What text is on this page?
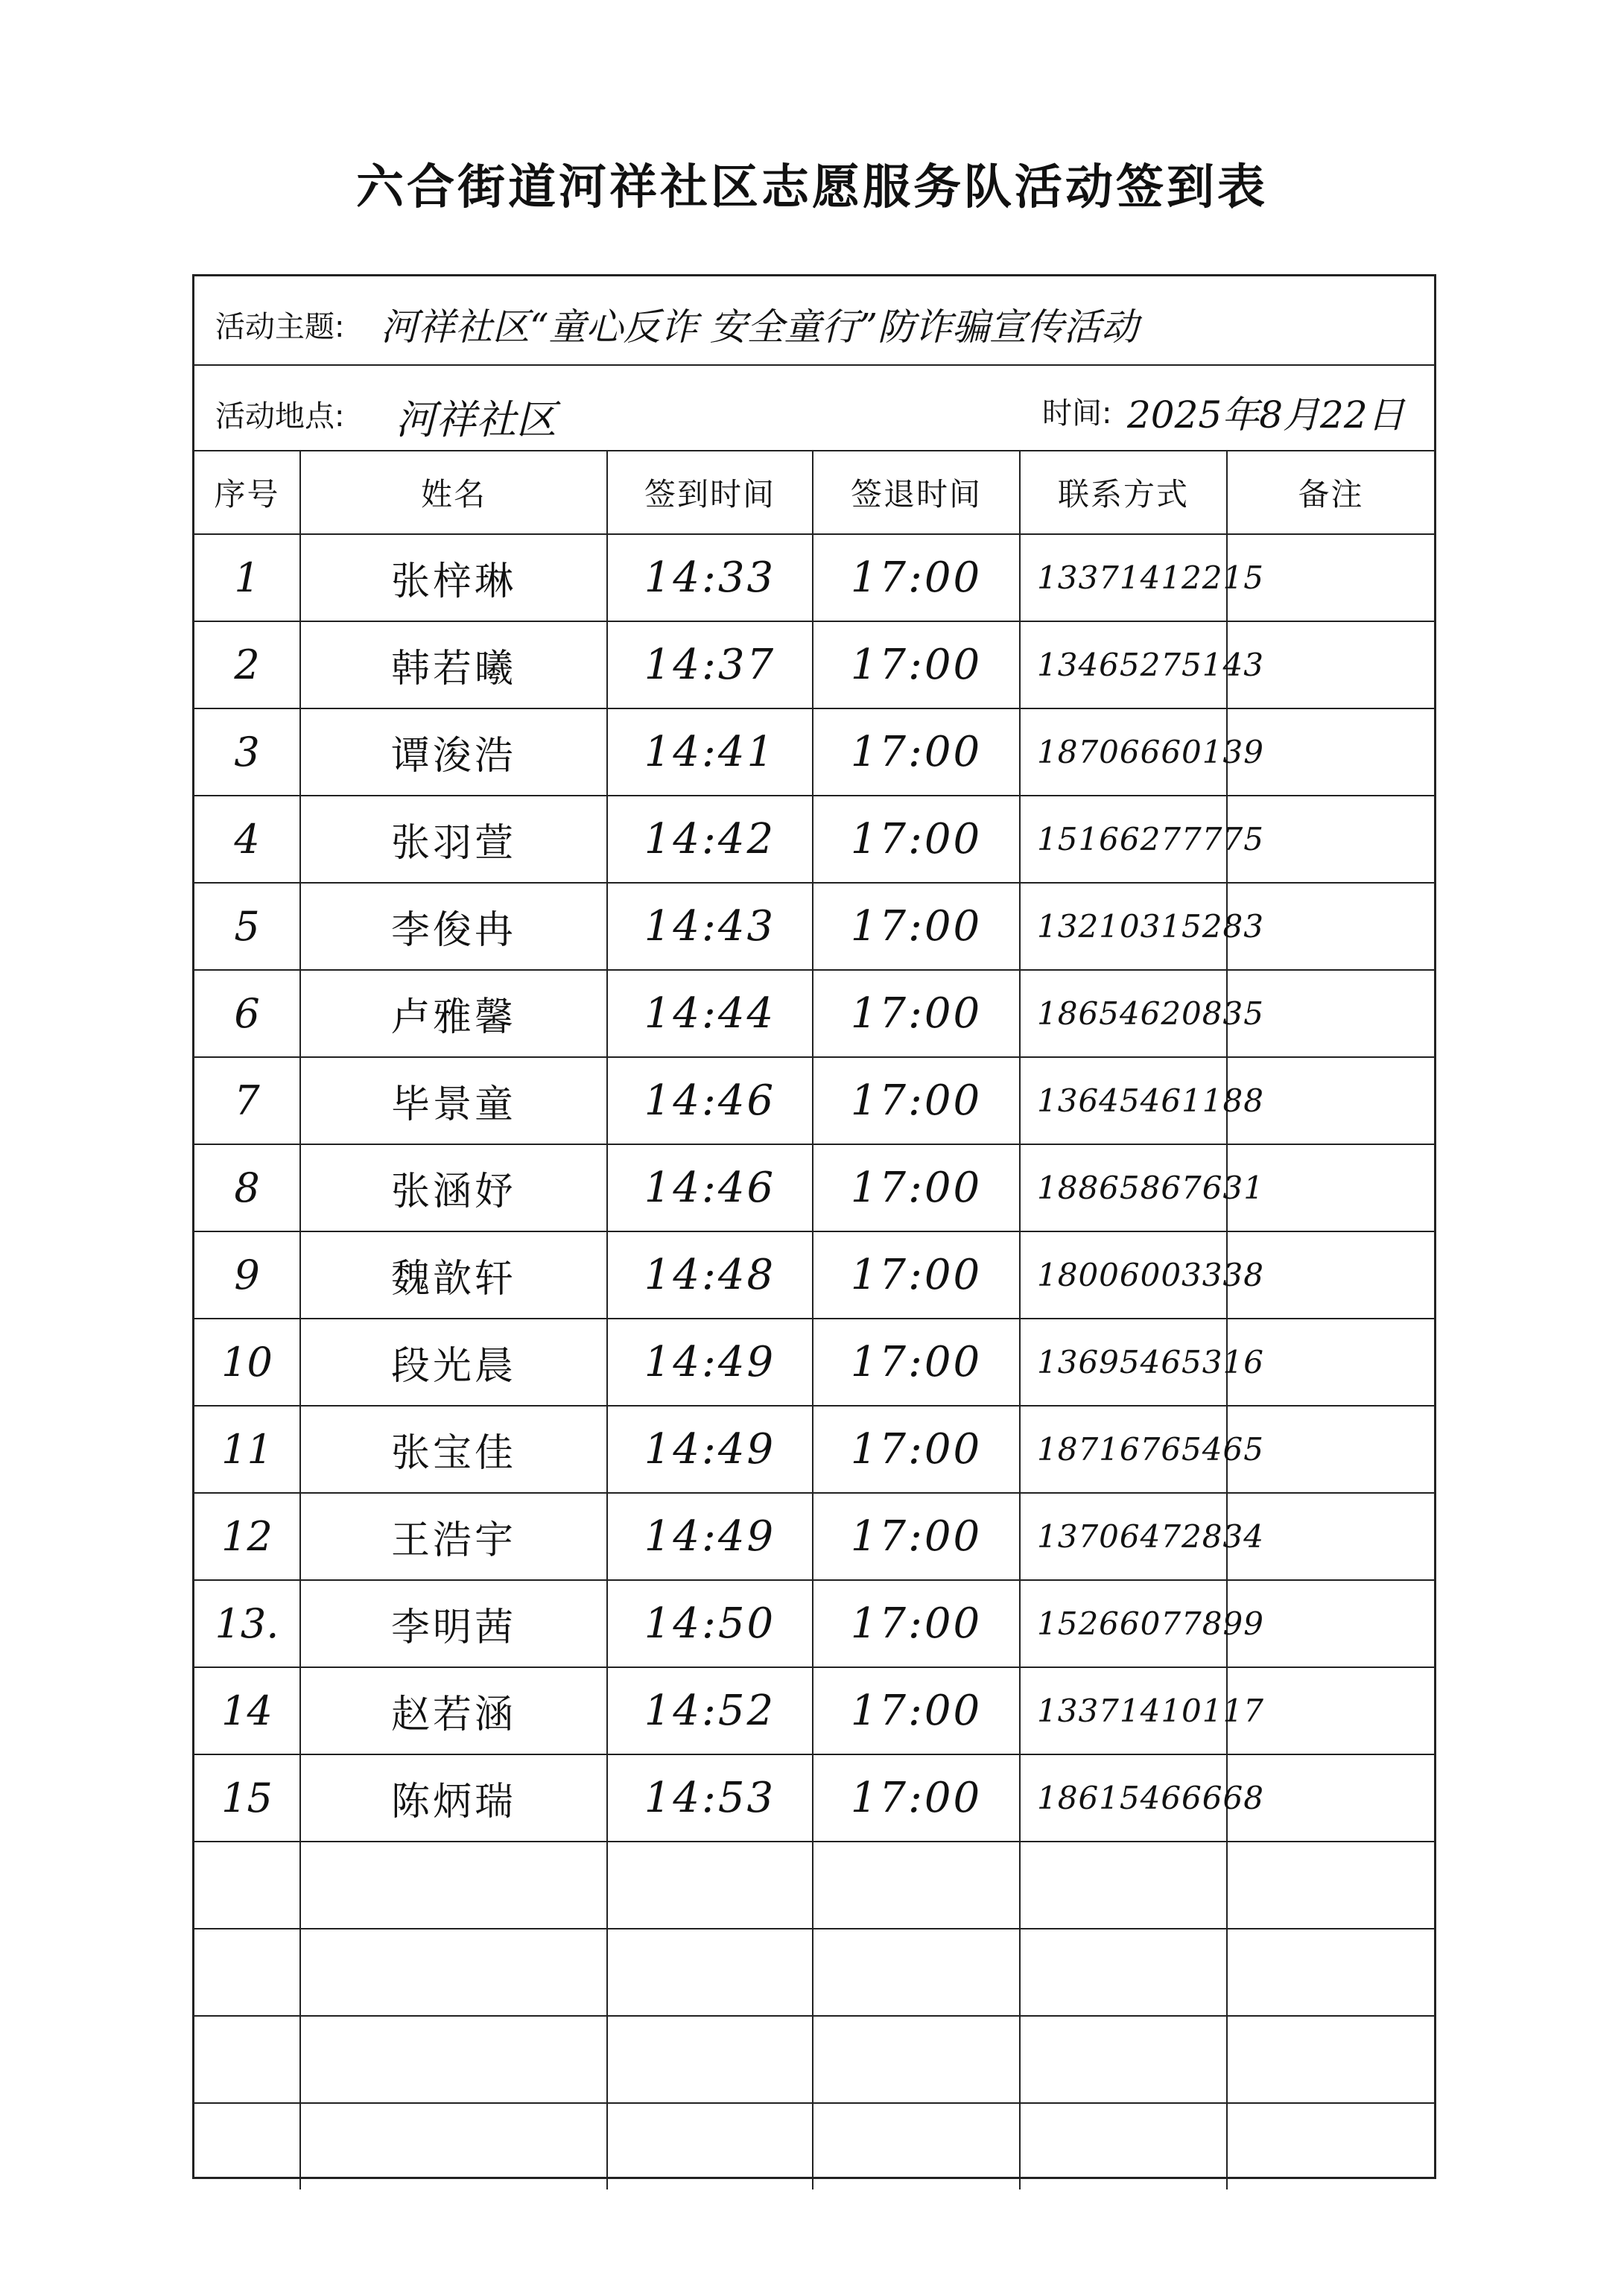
六合街道河祥社区志愿服务队活动签到表
活动主题: 河祥社区“童心反诈 安全童行”防诈骗宣传活动
活动地点: 河祥社区	时间: 2025年8月22日
序号	姓名	签到时间	签退时间	联系方式	备注
1	张梓琳	14:33	17:00	13371412215	
2	韩若曦	14:37	17:00	13465275143	
3	谭浚浩	14:41	17:00	18706660139	
4	张羽萱	14:42	17:00	15166277775	
5	李俊冉	14:43	17:00	13210315283	
6	卢雅馨	14:44	17:00	18654620835	
7	毕景童	14:46	17:00	13645461188	
8	张涵妤	14:46	17:00	18865867631	
9	魏歆轩	14:48	17:00	18006003338	
10	段光晨	14:49	17:00	13695465316	
11	张宝佳	14:49	17:00	18716765465	
12	王浩宇	14:49	17:00	13706472834	
13.	李明茜	14:50	17:00	15266077899	
14	赵若涵	14:52	17:00	13371410117	
15	陈炳瑞	14:53	17:00	18615466668	
